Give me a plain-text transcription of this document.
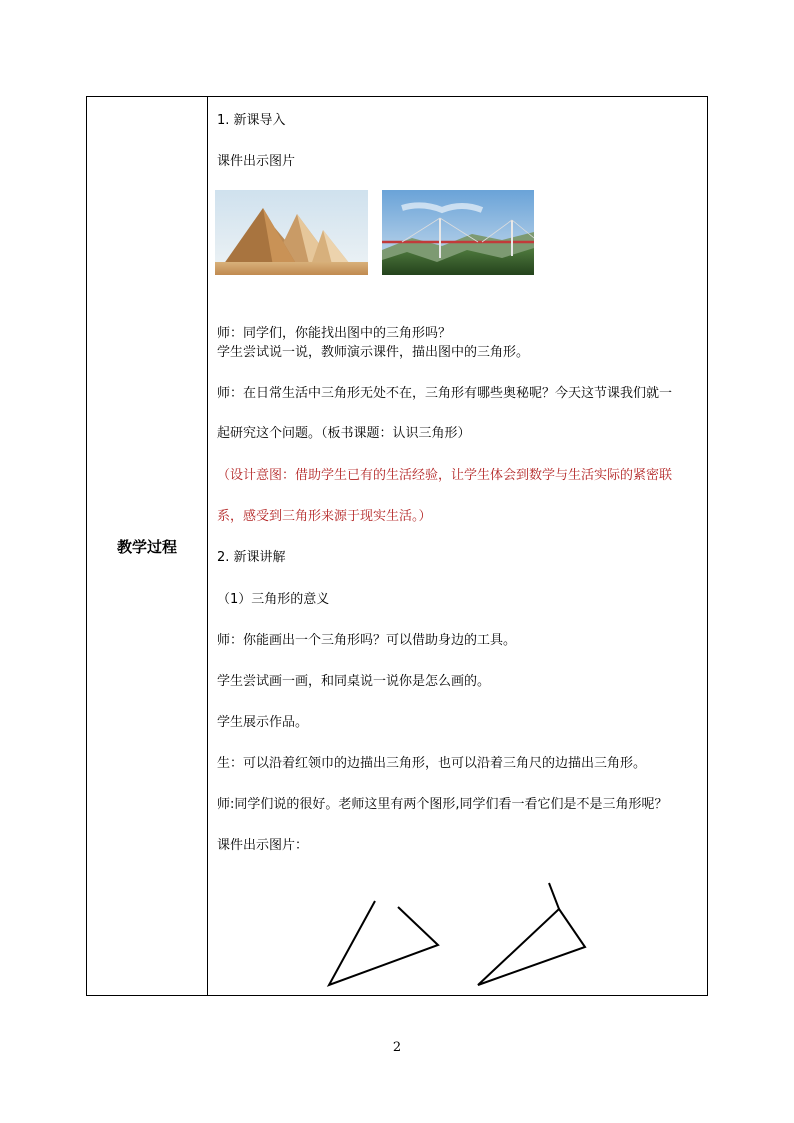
教学过程
1. 新课导入
课件出示图片
师：同学们，你能找出图中的三角形吗？
学生尝试说一说，教师演示课件，描出图中的三角形。
师：在日常生活中三角形无处不在，三角形有哪些奥秘呢？今天这节课我们就一
起研究这个问题。（板书课题：认识三角形）
（设计意图：借助学生已有的生活经验，让学生体会到数学与生活实际的紧密联
系，感受到三角形来源于现实生活。）
2. 新课讲解
（1）三角形的意义
师：你能画出一个三角形吗？可以借助身边的工具。
学生尝试画一画，和同桌说一说你是怎么画的。
学生展示作品。
生：可以沿着红领巾的边描出三角形，也可以沿着三角尺的边描出三角形。
师:同学们说的很好。老师这里有两个图形,同学们看一看它们是不是三角形呢？
课件出示图片：
2
